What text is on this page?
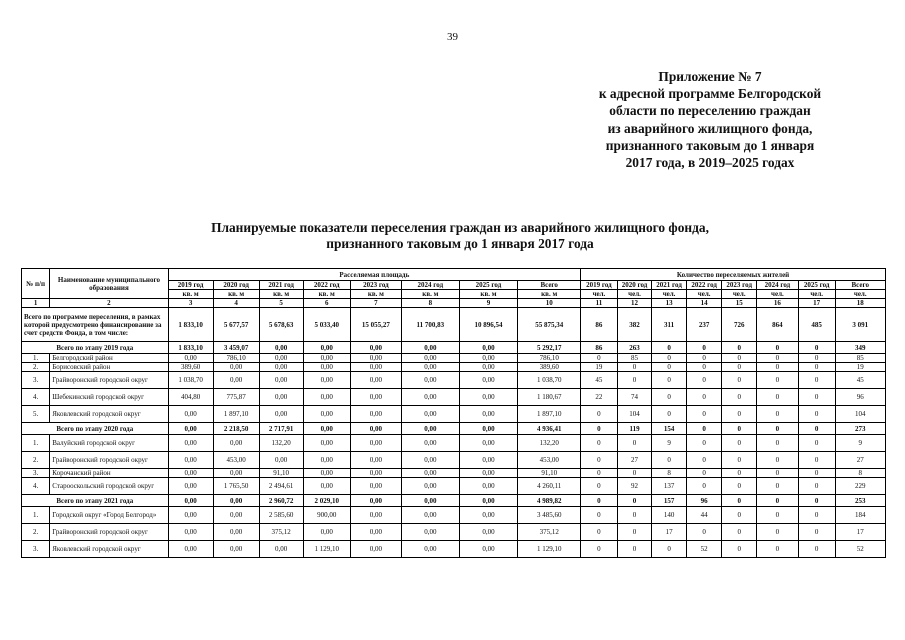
39
Приложение № 7
к адресной программе Белгородской
области по переселению граждан
из аварийного жилищного фонда,
признанного таковым до 1 января
2017 года, в 2019–2025 годах
Планируемые показатели переселения граждан из аварийного жилищного фонда,
признанного таковым до 1 января 2017 года
№ п/п	Наименование муниципального образования	Расселяемая площадь								Количество переселяемых жителей							
		2019 год	2020 год	2021 год	2022 год	2023 год	2024 год	2025 год	Всего	2019 год	2020 год	2021 год	2022 год	2023 год	2024 год	2025 год	Всего
		кв. м	кв. м	кв. м	кв. м	кв. м	кв. м	кв. м	кв. м	чел.	чел.	чел.	чел.	чел.	чел.	чел.	чел.
1	2	3	4	5	6	7	8	9	10	11	12	13	14	15	16	17	18
Всего по программе переселения, в рамках которой предусмотрено финансирование за счет средств Фонда, в том числе:		1 833,10	5 677,57	5 678,63	5 033,40	15 055,27	11 700,83	10 896,54	55 875,34	86	382	311	237	726	864	485	3 091
Всего по этапу 2019 года		1 833,10	3 459,07	0,00	0,00	0,00	0,00	0,00	5 292,17	86	263	0	0	0	0	0	349
1.	Белгородский район	0,00	786,10	0,00	0,00	0,00	0,00	0,00	786,10	0	85	0	0	0	0	0	85
2.	Борисовский район	389,60	0,00	0,00	0,00	0,00	0,00	0,00	389,60	19	0	0	0	0	0	0	19
3.	Грайворонский городской округ	1 038,70	0,00	0,00	0,00	0,00	0,00	0,00	1 038,70	45	0	0	0	0	0	0	45
4.	Шебекинский городской округ	404,80	775,87	0,00	0,00	0,00	0,00	0,00	1 180,67	22	74	0	0	0	0	0	96
5.	Яковлевский городской округ	0,00	1 897,10	0,00	0,00	0,00	0,00	0,00	1 897,10	0	104	0	0	0	0	0	104
Всего по этапу 2020 года		0,00	2 218,50	2 717,91	0,00	0,00	0,00	0,00	4 936,41	0	119	154	0	0	0	0	273
1.	Валуйский городской округ	0,00	0,00	132,20	0,00	0,00	0,00	0,00	132,20	0	0	9	0	0	0	0	9
2.	Грайворонский городской округ	0,00	453,00	0,00	0,00	0,00	0,00	0,00	453,00	0	27	0	0	0	0	0	27
3.	Корочанский район	0,00	0,00	91,10	0,00	0,00	0,00	0,00	91,10	0	0	8	0	0	0	0	8
4.	Старооскольский городской округ	0,00	1 765,50	2 494,61	0,00	0,00	0,00	0,00	4 260,11	0	92	137	0	0	0	0	229
Всего по этапу 2021 года		0,00	0,00	2 960,72	2 029,10	0,00	0,00	0,00	4 989,82	0	0	157	96	0	0	0	253
1.	Городской округ «Город Белгород»	0,00	0,00	2 585,60	900,00	0,00	0,00	0,00	3 485,60	0	0	140	44	0	0	0	184
2.	Грайворонский городской округ	0,00	0,00	375,12	0,00	0,00	0,00	0,00	375,12	0	0	17	0	0	0	0	17
3.	Яковлевский городской округ	0,00	0,00	0,00	1 129,10	0,00	0,00	0,00	1 129,10	0	0	0	52	0	0	0	52
